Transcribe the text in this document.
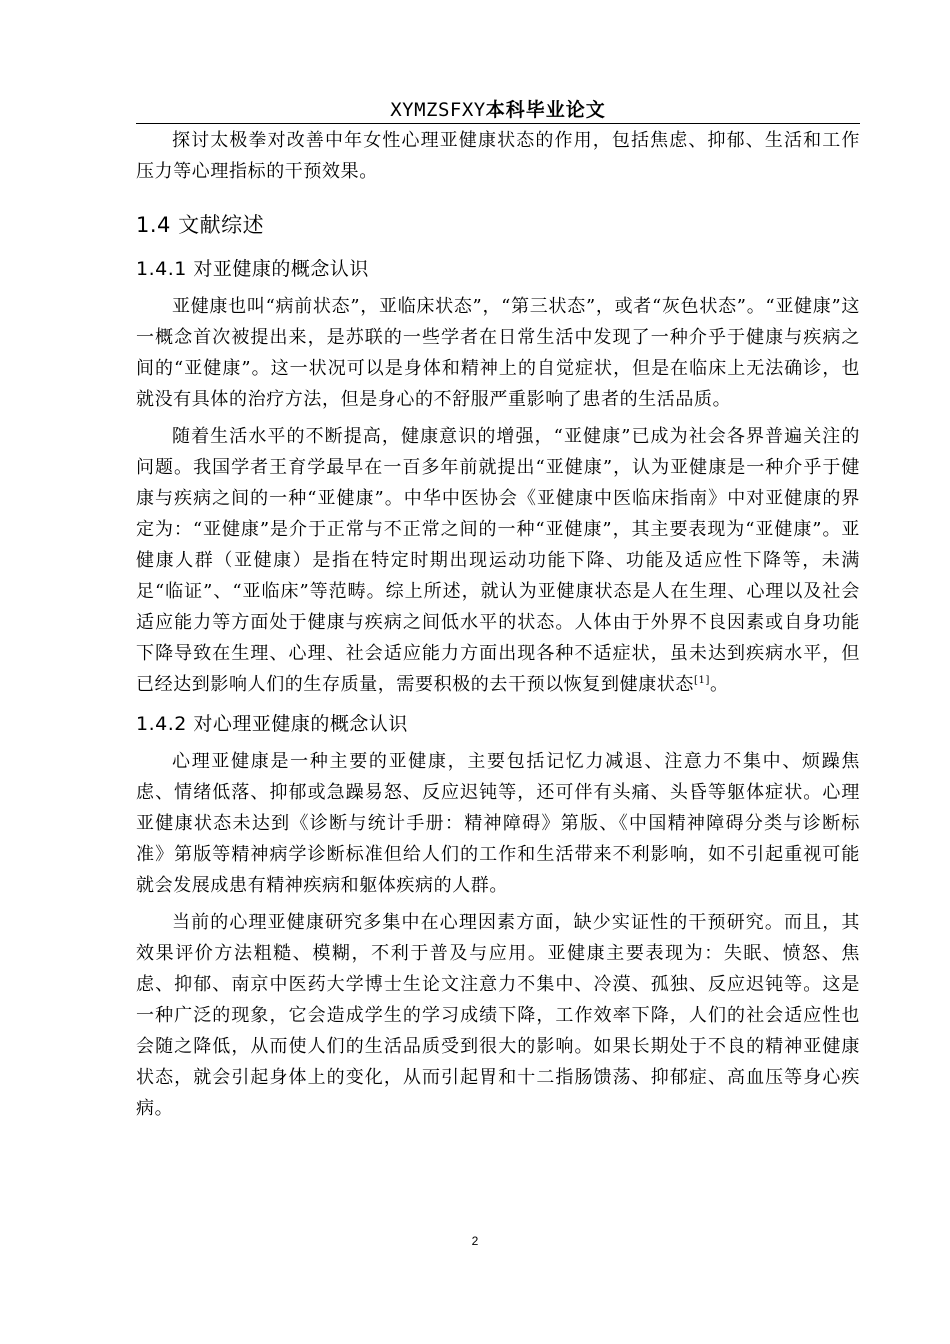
XYMZSFXY本科毕业论文

探讨太极拳对改善中年女性心理亚健康状态的作用，包括焦虑、抑郁、生活和工作压力等心理指标的干预效果。

1.4 文献综述
1.4.1 对亚健康的概念认识

亚健康也叫“病前状态”，亚临床状态”，“第三状态”，或者“灰色状态”。“亚健康”这一概念首次被提出来，是苏联的一些学者在日常生活中发现了一种介乎于健康与疾病之间的“亚健康”。这一状况可以是身体和精神上的自觉症状，但是在临床上无法确诊，也就没有具体的治疗方法，但是身心的不舒服严重影响了患者的生活品质。

随着生活水平的不断提高，健康意识的增强，“亚健康”已成为社会各界普遍关注的问题。我国学者王育学最早在一百多年前就提出“亚健康”，认为亚健康是一种介乎于健康与疾病之间的一种“亚健康”。中华中医协会《亚健康中医临床指南》中对亚健康的界定为：“亚健康”是介于正常与不正常之间的一种“亚健康”，其主要表现为“亚健康”。亚健康人群（亚健康）是指在特定时期出现运动功能下降、功能及适应性下降等，未满足“临证”、“亚临床”等范畴。综上所述，就认为亚健康状态是人在生理、心理以及社会适应能力等方面处于健康与疾病之间低水平的状态。人体由于外界不良因素或自身功能下降导致在生理、心理、社会适应能力方面出现各种不适症状，虽未达到疾病水平，但已经达到影响人们的生存质量，需要积极的去干预以恢复到健康状态[1]。

1.4.2 对心理亚健康的概念认识

心理亚健康是一种主要的亚健康，主要包括记忆力减退、注意力不集中、烦躁焦虑、情绪低落、抑郁或急躁易怒、反应迟钝等，还可伴有头痛、头昏等躯体症状。心理亚健康状态未达到《诊断与统计手册：精神障碍》第版、《中国精神障碍分类与诊断标准》第版等精神病学诊断标准但给人们的工作和生活带来不利影响，如不引起重视可能就会发展成患有精神疾病和躯体疾病的人群。

当前的心理亚健康研究多集中在心理因素方面，缺少实证性的干预研究。而且，其效果评价方法粗糙、模糊，不利于普及与应用。亚健康主要表现为：失眠、愤怒、焦虑、抑郁、南京中医药大学博士生论文注意力不集中、冷漠、孤独、反应迟钝等。这是一种广泛的现象，它会造成学生的学习成绩下降，工作效率下降，人们的社会适应性也会随之降低，从而使人们的生活品质受到很大的影响。如果长期处于不良的精神亚健康状态，就会引起身体上的变化，从而引起胃和十二指肠馈荡、抑郁症、高血压等身心疾病。

2
